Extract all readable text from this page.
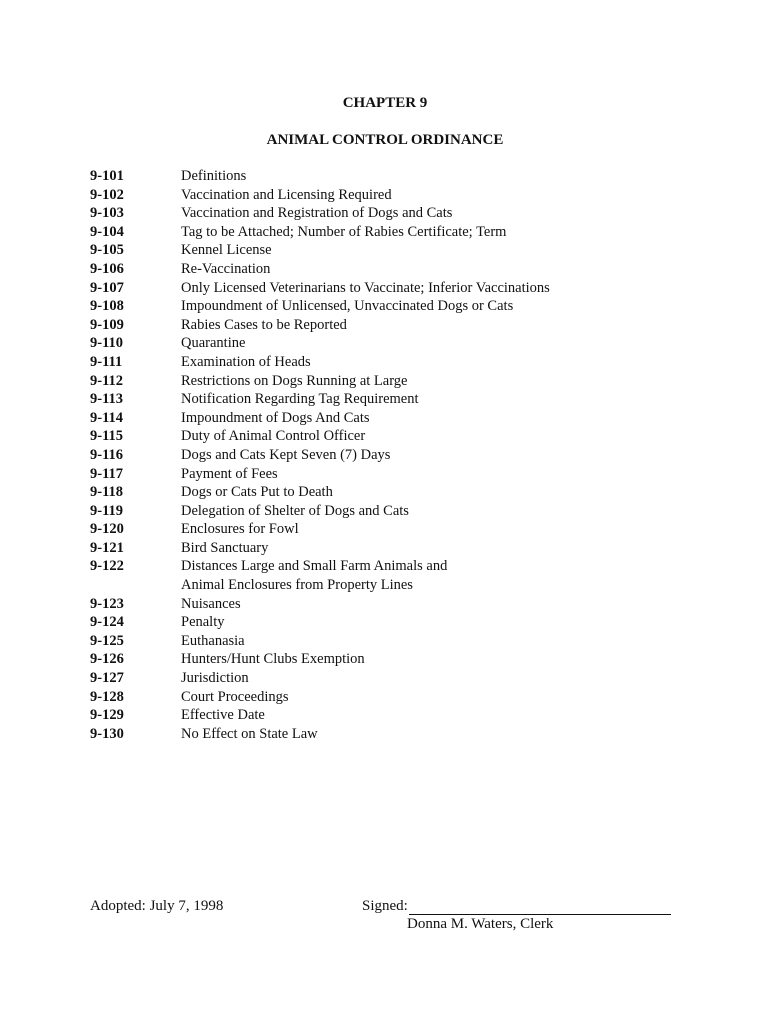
CHAPTER 9
ANIMAL CONTROL ORDINANCE
9-101	Definitions
9-102	Vaccination and Licensing Required
9-103	Vaccination and Registration of Dogs and Cats
9-104	Tag to be Attached; Number of Rabies Certificate; Term
9-105	Kennel License
9-106	Re-Vaccination
9-107	Only Licensed Veterinarians to Vaccinate; Inferior Vaccinations
9-108	Impoundment of Unlicensed, Unvaccinated Dogs or Cats
9-109	Rabies Cases to be Reported
9-110	Quarantine
9-111	Examination of Heads
9-112	Restrictions on Dogs Running at Large
9-113	Notification Regarding Tag Requirement
9-114	Impoundment of Dogs And Cats
9-115	Duty of Animal Control Officer
9-116	Dogs and Cats Kept Seven (7) Days
9-117	Payment of Fees
9-118	Dogs or Cats Put to Death
9-119	Delegation of Shelter of Dogs and Cats
9-120	Enclosures for Fowl
9-121	Bird Sanctuary
9-122	Distances Large and Small Farm Animals and
Animal Enclosures from Property Lines
9-123	Nuisances
9-124	Penalty
9-125	Euthanasia
9-126	Hunters/Hunt Clubs Exemption
9-127	Jurisdiction
9-128	Court Proceedings
9-129	Effective Date
9-130	No Effect on State Law
Adopted: July 7, 1998	Signed:
Donna M. Waters, Clerk
